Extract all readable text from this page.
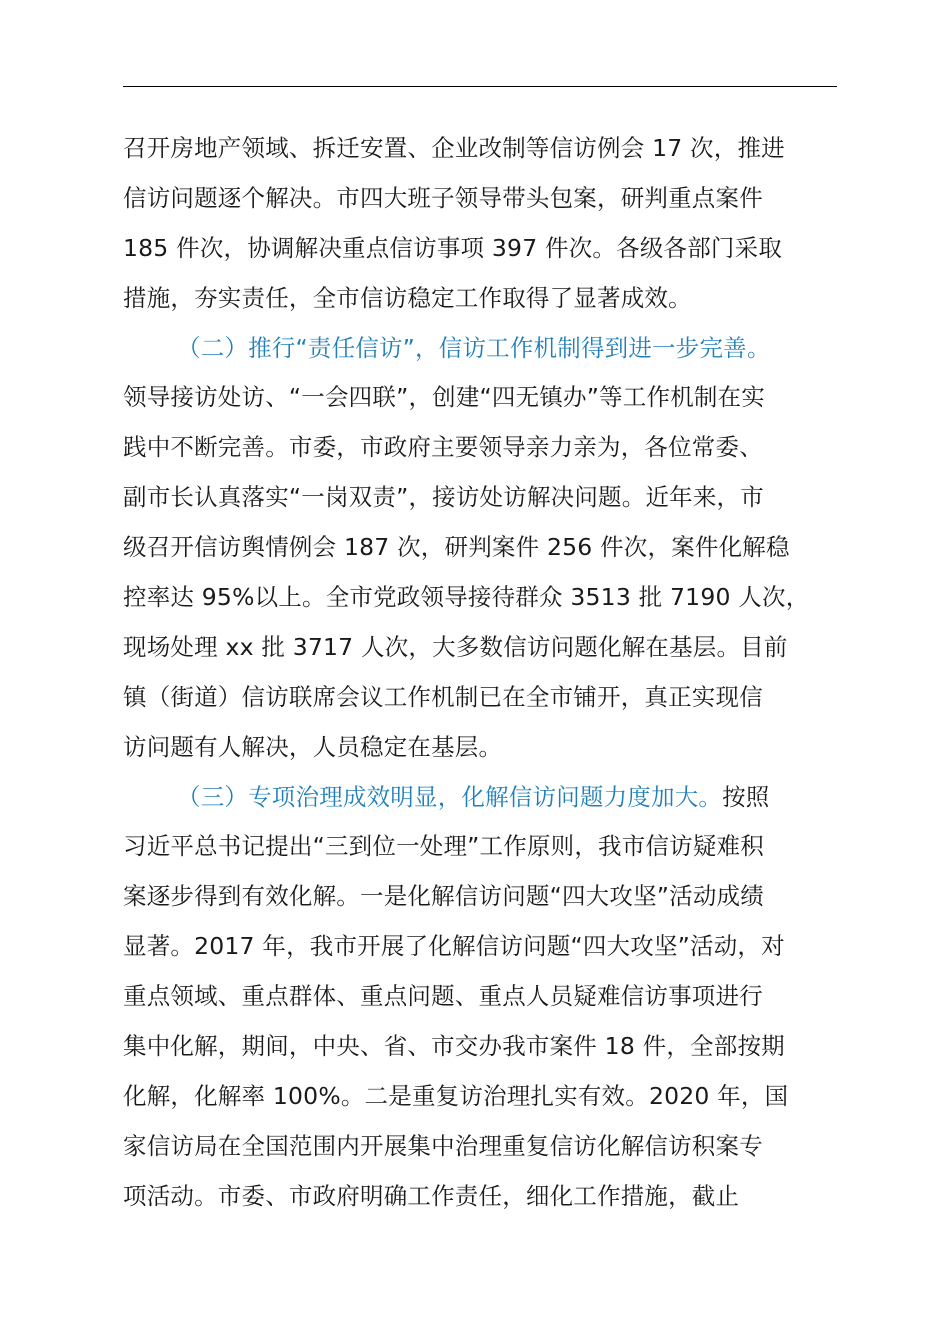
召开房地产领域、拆迁安置、企业改制等信访例会 17 次，推进
信访问题逐个解决。市四大班子领导带头包案，研判重点案件
185 件次，协调解决重点信访事项 397 件次。各级各部门采取
措施，夯实责任，全市信访稳定工作取得了显著成效。
（二）推行“责任信访”，信访工作机制得到进一步完善。
领导接访处访、“一会四联”，创建“四无镇办”等工作机制在实
践中不断完善。市委，市政府主要领导亲力亲为，各位常委、
副市长认真落实“一岗双责”，接访处访解决问题。近年来，市
级召开信访舆情例会 187 次，研判案件 256 件次，案件化解稳
控率达 95%以上。全市党政领导接待群众 3513 批 7190 人次，
现场处理 xx 批 3717 人次，大多数信访问题化解在基层。目前
镇（街道）信访联席会议工作机制已在全市铺开，真正实现信
访问题有人解决，人员稳定在基层。
（三）专项治理成效明显，化解信访问题力度加大。按照
习近平总书记提出“三到位一处理”工作原则，我市信访疑难积
案逐步得到有效化解。一是化解信访问题“四大攻坚”活动成绩
显著。2017 年，我市开展了化解信访问题“四大攻坚”活动，对
重点领域、重点群体、重点问题、重点人员疑难信访事项进行
集中化解，期间，中央、省、市交办我市案件 18 件，全部按期
化解，化解率 100%。二是重复访治理扎实有效。2020 年，国
家信访局在全国范围内开展集中治理重复信访化解信访积案专
项活动。市委、市政府明确工作责任，细化工作措施，截止
